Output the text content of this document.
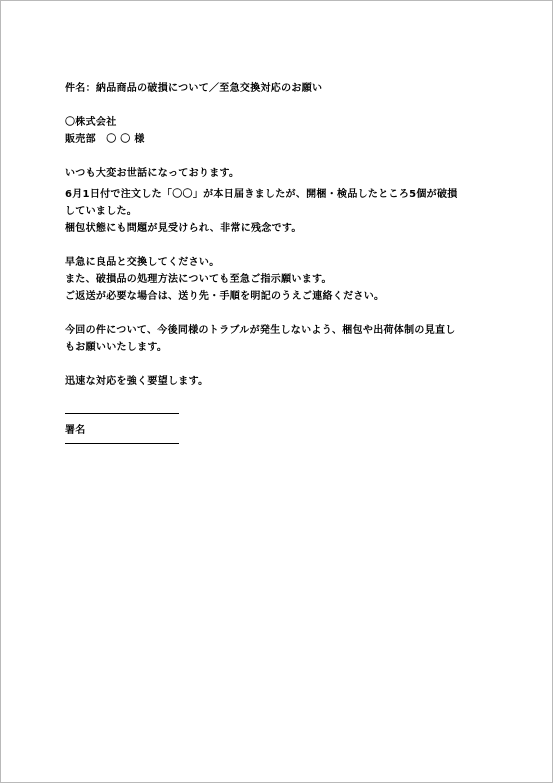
件名：納品商品の破損について／至急交換対応のお願い
〇株式会社
販売部　〇 〇 様
いつも大変お世話になっております。
6月1日付で注文した「〇〇」が本日届きましたが、開梱・検品したところ5個が破損
していました。
梱包状態にも問題が見受けられ、非常に残念です。
早急に良品と交換してください。
また、破損品の処理方法についても至急ご指示願います。
ご返送が必要な場合は、送り先・手順を明記のうえご連絡ください。
今回の件について、今後同様のトラブルが発生しないよう、梱包や出荷体制の見直し
もお願いいたします。
迅速な対応を強く要望します。
署名
